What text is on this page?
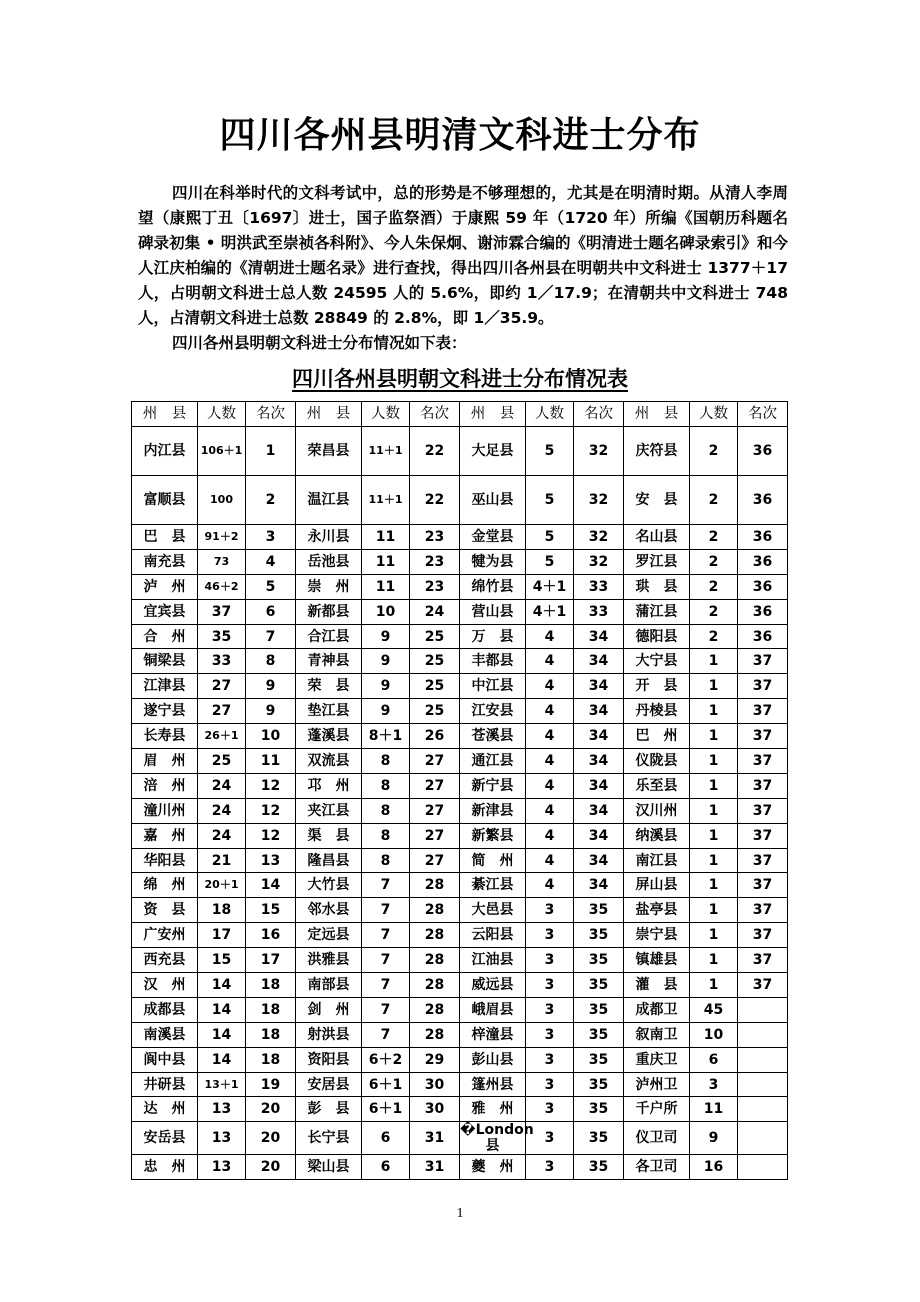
四川各州县明清文科进士分布

四川在科举时代的文科考试中，总的形势是不够理想的，尤其是在明清时期。从清人李周望（康熙丁丑〔1697〕进士，国子监祭酒）于康熙 59 年（1720 年）所编《国朝历科题名碑录初集 • 明洪武至崇祯各科附》、今人朱保炯、谢沛霖合编的《明清进士题名碑录索引》和今人江庆柏编的《清朝进士题名录》进行查找，得出四川各州县在明朝共中文科进士 1377＋17 人，占明朝文科进士总人数 24595 人的 5.6%，即约 1／17.9；在清朝共中文科进士 748 人，占清朝文科进士总数 28849 的 2.8%，即 1／35.9。

四川各州县明朝文科进士分布情况如下表：

四川各州县明朝文科进士分布情况表
州　县	人数	名次	州　县	人数	名次	州　县	人数	名次	州　县	人数	名次
内江县	106＋1	1	荣昌县	11＋1	22	大足县	5	32	庆符县	2	36
富顺县	100	2	温江县	11＋1	22	巫山县	5	32	安　县	2	36
巴　县	91＋2	3	永川县	11	23	金堂县	5	32	名山县	2	36
南充县	73	4	岳池县	11	23	犍为县	5	32	罗江县	2	36
泸　州	46＋2	5	崇　州	11	23	绵竹县	4＋1	33	珙　县	2	36
宜宾县	37	6	新都县	10	24	营山县	4＋1	33	蒲江县	2	36
合　州	35	7	合江县	9	25	万　县	4	34	德阳县	2	36
铜梁县	33	8	青神县	9	25	丰都县	4	34	大宁县	1	37
江津县	27	9	荣　县	9	25	中江县	4	34	开　县	1	37
遂宁县	27	9	垫江县	9	25	江安县	4	34	丹棱县	1	37
长寿县	26＋1	10	蓬溪县	8＋1	26	苍溪县	4	34	巴　州	1	37
眉　州	25	11	双流县	8	27	通江县	4	34	仪陇县	1	37
涪　州	24	12	邛　州	8	27	新宁县	4	34	乐至县	1	37
潼川州	24	12	夹江县	8	27	新津县	4	34	汉川州	1	37
嘉　州	24	12	渠　县	8	27	新繁县	4	34	纳溪县	1	37
华阳县	21	13	隆昌县	8	27	简　州	4	34	南江县	1	37
绵　州	20＋1	14	大竹县	7	28	綦江县	4	34	屏山县	1	37
资　县	18	15	邻水县	7	28	大邑县	3	35	盐亭县	1	37
广安州	17	16	定远县	7	28	云阳县	3	35	崇宁县	1	37
西充县	15	17	洪雅县	7	28	江油县	3	35	镇雄县	1	37
汉　州	14	18	南部县	7	28	威远县	3	35	灌　县	1	37
成都县	14	18	剑　州	7	28	峨眉县	3	35	成都卫	45	
南溪县	14	18	射洪县	7	28	梓潼县	3	35	叙南卫	10	
阆中县	14	18	资阳县	6＋2	29	彭山县	3	35	重庆卫	6	
井研县	13＋1	19	安居县	6＋1	30	篷州县	3	35	泸州卫	3	
达　州	13	20	彭　县	6＋1	30	雅　州	3	35	千户所	11	
安岳县	13	20	长宁县	6	31	�London县	3	35	仪卫司	9	
忠　州	13	20	梁山县	6	31	夔　州	3	35	各卫司	16	
1
